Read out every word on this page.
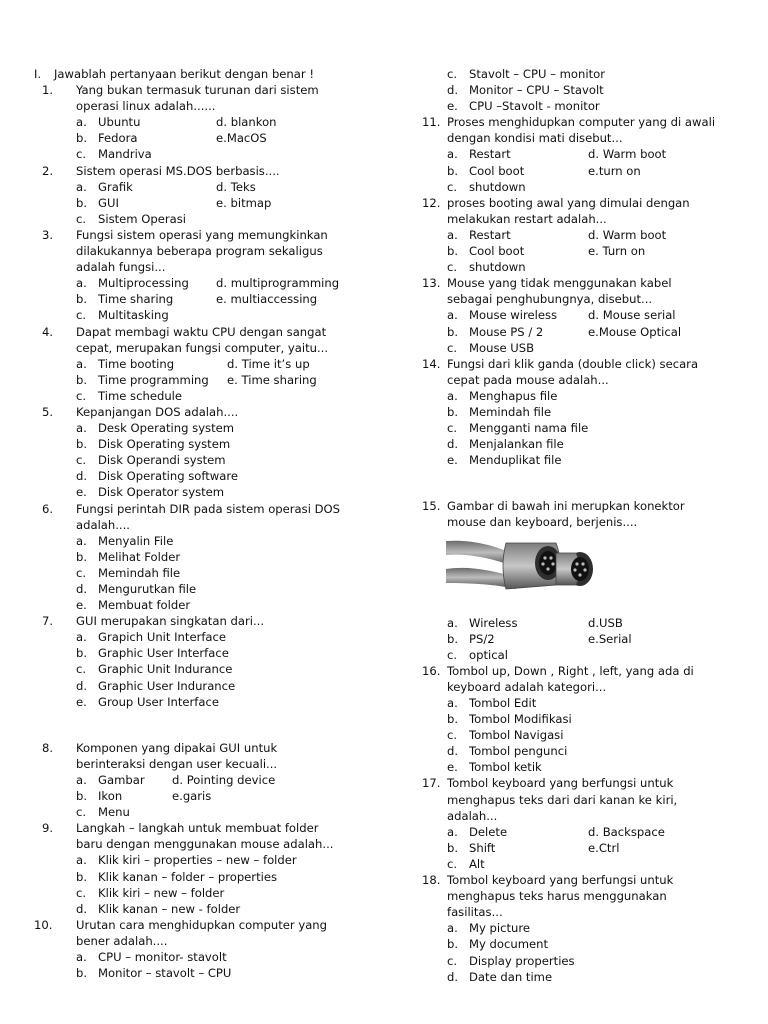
I. Jawablah pertanyaan berikut dengan benar !
1. Yang bukan termasuk turunan dari sistem
operasi linux adalah......
a. Ubuntu	d. blankon
b. Fedora	e.MacOS
c. Mandriva
2. Sistem operasi MS.DOS berbasis....
a. Grafik	d. Teks
b. GUI	e. bitmap
c. Sistem Operasi
3. Fungsi sistem operasi yang memungkinkan
dilakukannya beberapa program sekaligus
adalah fungsi...
a. Multiprocessing d. multiprogramming
b. Time sharing	e. multiaccessing
c. Multitasking
4. Dapat membagi waktu CPU dengan sangat
cepat, merupakan fungsi computer, yaitu...
a. Time booting	d. Time it’s up
b. Time programming e. Time sharing
c. Time schedule
5. Kepanjangan DOS adalah....
a. Desk Operating system
b. Disk Operating system
c. Disk Operandi system
d. Disk Operating software
e. Disk Operator system
6. Fungsi perintah DIR pada sistem operasi DOS
adalah....
a. Menyalin File
b. Melihat Folder
c. Memindah file
d. Mengurutkan file
e. Membuat folder
7. GUI merupakan singkatan dari...
a. Grapich Unit Interface
b. Graphic User Interface
c. Graphic Unit Indurance
d. Graphic User Indurance
e. Group User Interface
8. Komponen yang dipakai GUI untuk
berinteraksi dengan user kecuali...
a. Gambar d. Pointing device
b. Ikon	e.garis
c. Menu
9. Langkah – langkah untuk membuat folder
baru dengan menggunakan mouse adalah...
a. Klik kiri – properties – new – folder
b. Klik kanan – folder – properties
c. Klik kiri – new – folder
d. Klik kanan – new - folder
10. Urutan cara menghidupkan computer yang
bener adalah....
a. CPU – monitor- stavolt
b. Monitor – stavolt – CPU
c. Stavolt – CPU – monitor
d. Monitor – CPU – Stavolt
e. CPU –Stavolt - monitor
11. Proses menghidupkan computer yang di awali
dengan kondisi mati disebut...
a. Restart	d. Warm boot
b. Cool boot	e.turn on
c. shutdown
12. proses booting awal yang dimulai dengan
melakukan restart adalah...
a. Restart	d. Warm boot
b. Cool boot	e. Turn on
c. shutdown
13. Mouse yang tidak menggunakan kabel
sebagai penghubungnya, disebut...
a. Mouse wireless	d. Mouse serial
b. Mouse PS / 2	e.Mouse Optical
c. Mouse USB
14. Fungsi dari klik ganda (double click) secara
cepat pada mouse adalah...
a. Menghapus file
b. Memindah file
c. Mengganti nama file
d. Menjalankan file
e. Menduplikat file
15. Gambar di bawah ini merupkan konektor
mouse dan keyboard, berjenis....
a. Wireless	d.USB
b. PS/2	e.Serial
c. optical
16. Tombol up, Down , Right , left, yang ada di
keyboard adalah kategori...
a. Tombol Edit
b. Tombol Modifikasi
c. Tombol Navigasi
d. Tombol pengunci
e. Tombol ketik
17. Tombol keyboard yang berfungsi untuk
menghapus teks dari dari kanan ke kiri,
adalah...
a. Delete	d. Backspace
b. Shift	e.Ctrl
c. Alt
18. Tombol keyboard yang berfungsi untuk
menghapus teks harus menggunakan
fasilitas...
a. My picture
b. My document
c. Display properties
d. Date dan time
